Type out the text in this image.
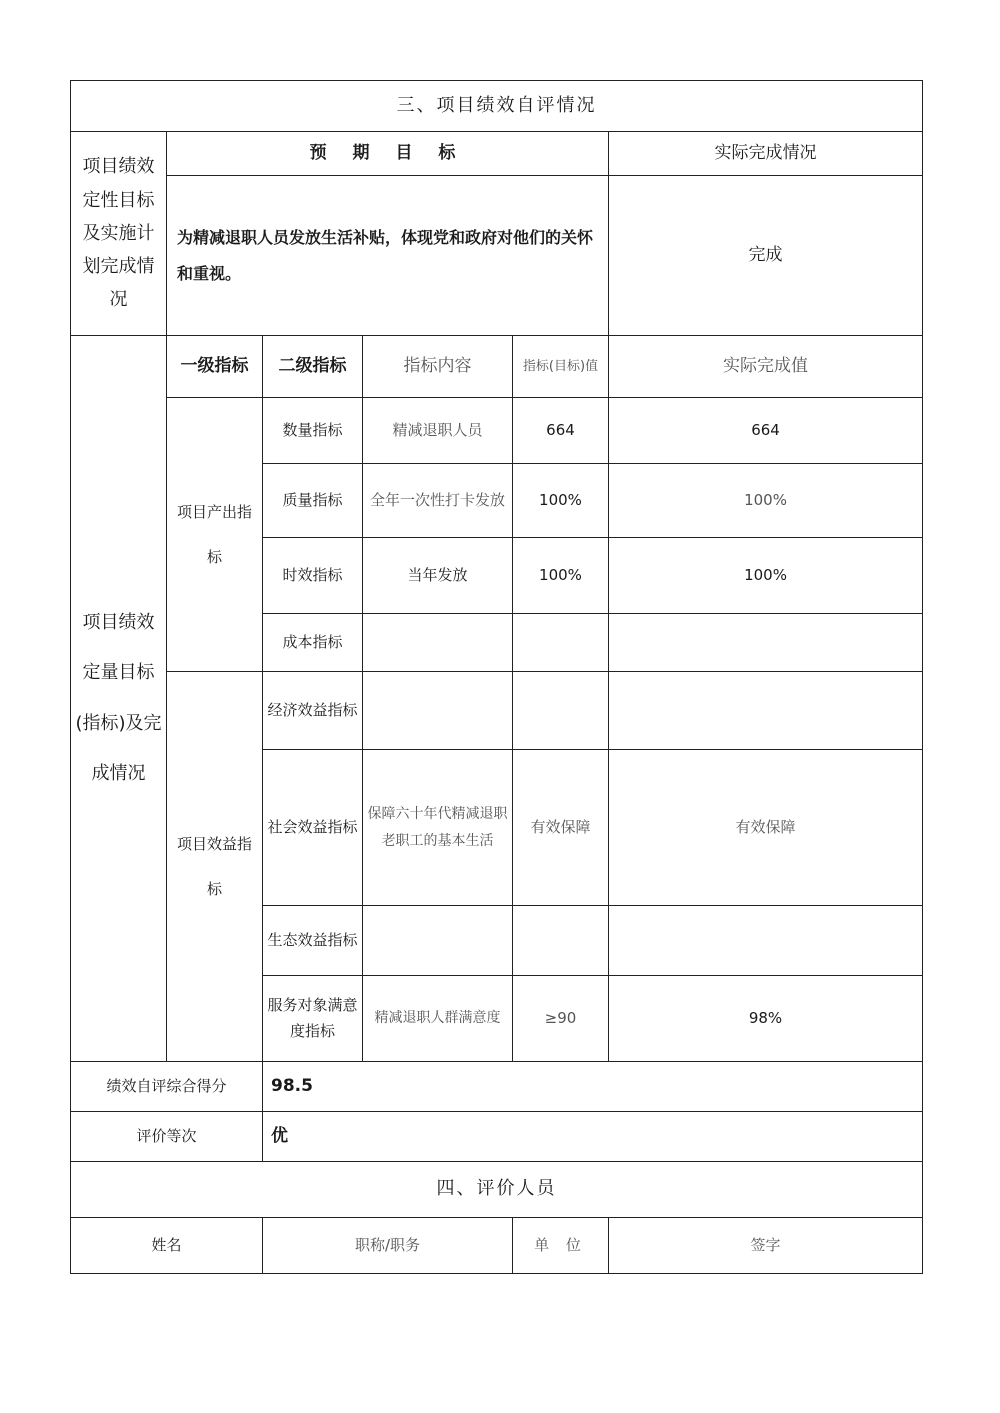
三、项目绩效自评情况					
项目绩效定性目标及实施计划完成情况	预 期 目 标				实际完成情况
	为精减退职人员发放生活补贴，体现党和政府对他们的关怀和重视。				完成
项目绩效定量目标(指标)及完成情况	一级指标	二级指标	指标内容	指标(目标)值	实际完成值
	项目产出指标	数量指标	精减退职人员	664	664
		质量指标	全年一次性打卡发放	100%	100%
		时效指标	当年发放	100%	100%
		成本指标			
	项目效益指标	经济效益指标			
		社会效益指标	保障六十年代精减退职老职工的基本生活	有效保障	有效保障
		生态效益指标			
		服务对象满意度指标	精减退职人群满意度	≥90	98%
绩效自评综合得分		98.5			
评价等次		优			
四、评价人员					
姓名		职称/职务		单 位	签字
